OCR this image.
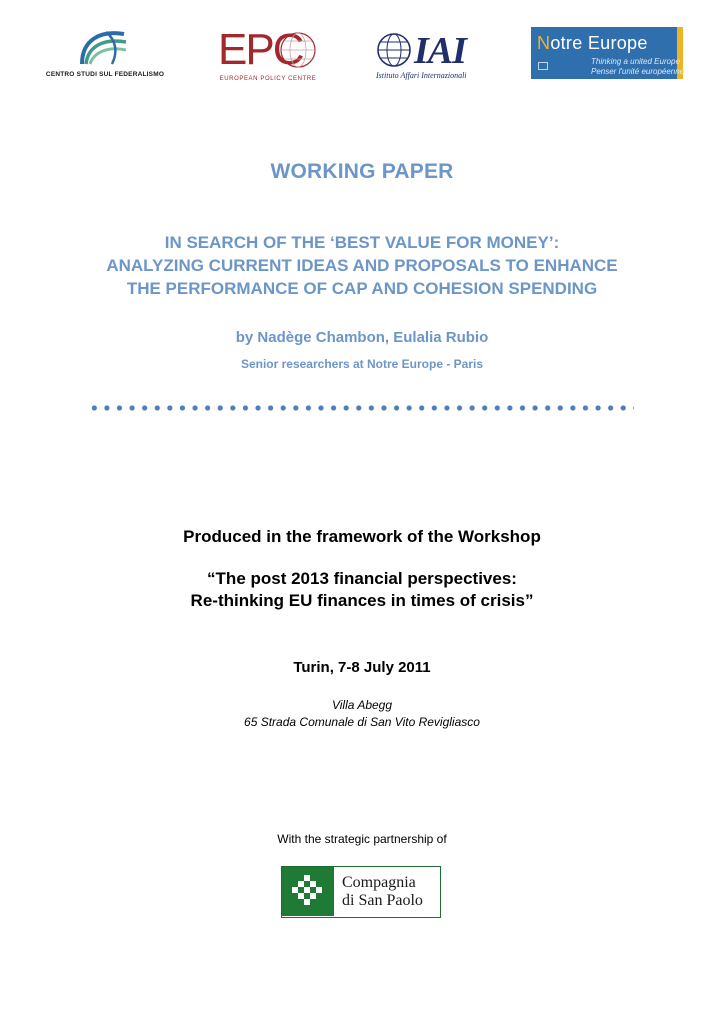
CENTRO STUDI SUL FEDERALISMO
EPC
EUROPEAN POLICY CENTRE
IAI
Istituto Affari Internazionali
Notre Europe
Thinking a united Europe
Penser l'unité européenne
WORKING PAPER
IN SEARCH OF THE ‘BEST VALUE FOR MONEY’:
ANALYZING CURRENT IDEAS AND PROPOSALS TO ENHANCE
THE PERFORMANCE OF CAP AND COHESION SPENDING
by Nadège Chambon, Eulalia Rubio
Senior researchers at Notre Europe - Paris
Produced in the framework of the Workshop
“The post 2013 financial perspectives:
Re-thinking EU finances in times of crisis”
Turin, 7-8 July 2011
Villa Abegg
65 Strada Comunale di San Vito Revigliasco
With the strategic partnership of
Compagnia
di San Paolo
